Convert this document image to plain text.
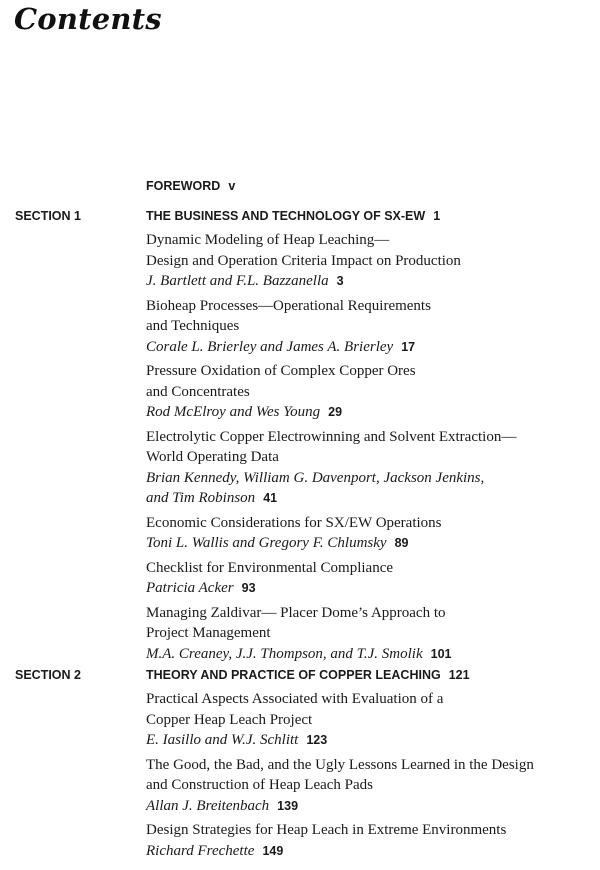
Contents
FOREWORD v
SECTION 1	THE BUSINESS AND TECHNOLOGY OF SX-EW 1
Dynamic Modeling of Heap Leaching—
Design and Operation Criteria Impact on Production
J. Bartlett and F.L. Bazzanella 3
Bioheap Processes—Operational Requirements
and Techniques
Corale L. Brierley and James A. Brierley 17
Pressure Oxidation of Complex Copper Ores
and Concentrates
Rod McElroy and Wes Young 29
Electrolytic Copper Electrowinning and Solvent Extraction—
World Operating Data
Brian Kennedy, William G. Davenport, Jackson Jenkins,
and Tim Robinson 41
Economic Considerations for SX/EW Operations
Toni L. Wallis and Gregory F. Chlumsky 89
Checklist for Environmental Compliance
Patricia Acker 93
Managing Zaldivar— Placer Dome’s Approach to
Project Management
M.A. Creaney, J.J. Thompson, and T.J. Smolik 101
SECTION 2	THEORY AND PRACTICE OF COPPER LEACHING 121
Practical Aspects Associated with Evaluation of a
Copper Heap Leach Project
E. Iasillo and W.J. Schlitt 123
The Good, the Bad, and the Ugly Lessons Learned in the Design
and Construction of Heap Leach Pads
Allan J. Breitenbach 139
Design Strategies for Heap Leach in Extreme Environments
Richard Frechette 149
